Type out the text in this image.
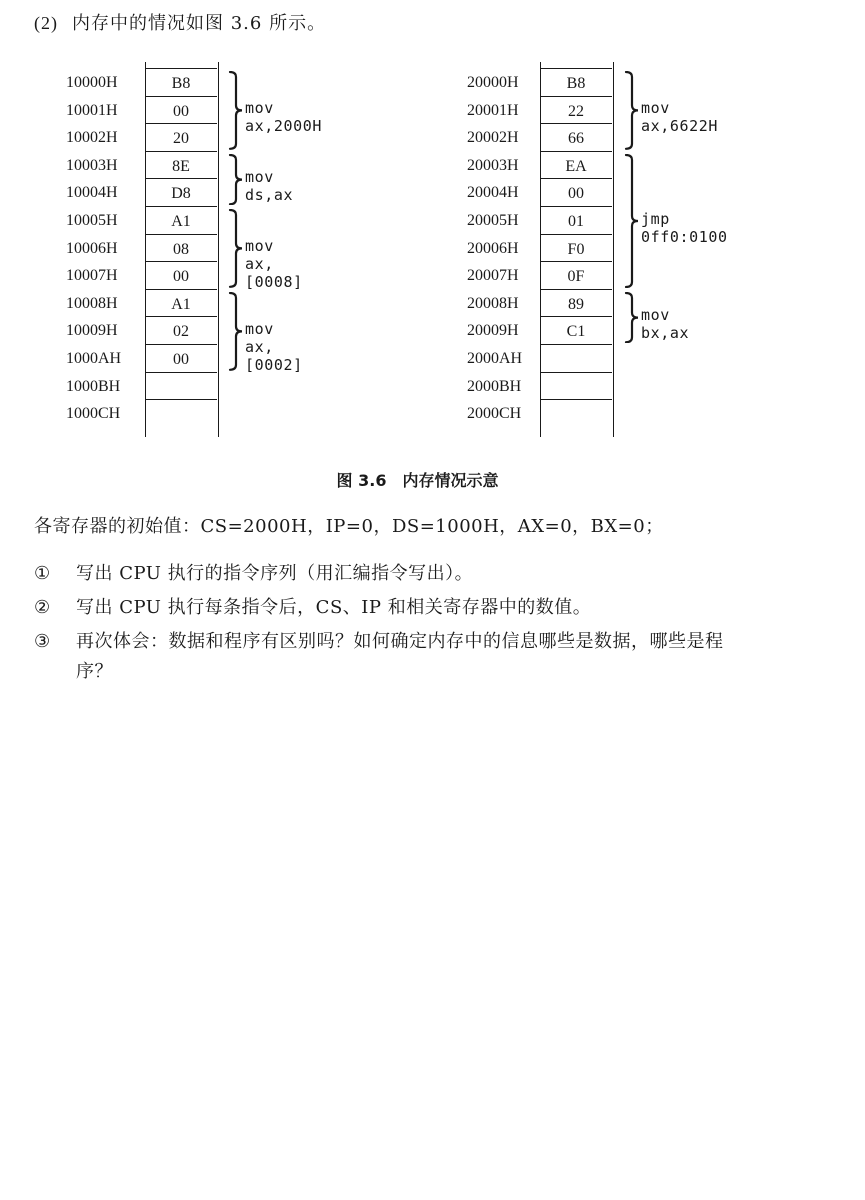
(2) 内存中的情况如图 3.6 所示。
10000H	B8
10001H	00
10002H	20
10003H	8E
10004H	D8
10005H	A1
10006H	08
10007H	00
10008H	A1
10009H	02
1000AH	00
1000BH
1000CH
mov ax,2000H
mov ds,ax
mov ax,[0008]
mov ax,[0002]
20000H	B8
20001H	22
20002H	66
20003H	EA
20004H	00
20005H	01
20006H	F0
20007H	0F
20008H	89
20009H	C1
2000AH
2000BH
2000CH
mov ax,6622H
jmp 0ff0:0100
mov bx,ax
图 3.6 内存情况示意
各寄存器的初始值：CS=2000H，IP=0，DS=1000H，AX=0，BX=0；
① 写出 CPU 执行的指令序列（用汇编指令写出）。
② 写出 CPU 执行每条指令后，CS、IP 和相关寄存器中的数值。
③ 再次体会：数据和程序有区别吗？如何确定内存中的信息哪些是数据，哪些是程
序？
